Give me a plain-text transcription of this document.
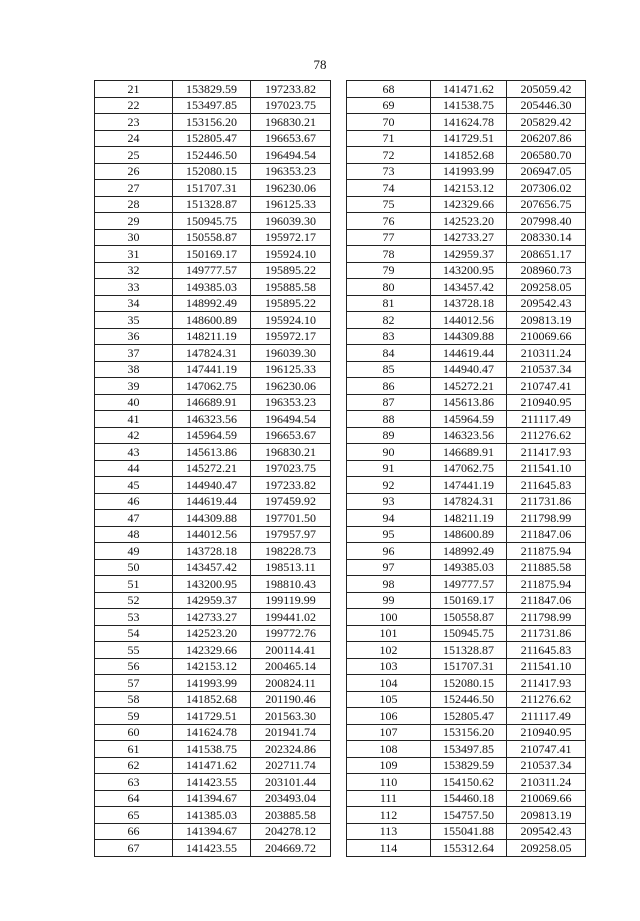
78
21	153829.59	197233.82
22	153497.85	197023.75
23	153156.20	196830.21
24	152805.47	196653.67
25	152446.50	196494.54
26	152080.15	196353.23
27	151707.31	196230.06
28	151328.87	196125.33
29	150945.75	196039.30
30	150558.87	195972.17
31	150169.17	195924.10
32	149777.57	195895.22
33	149385.03	195885.58
34	148992.49	195895.22
35	148600.89	195924.10
36	148211.19	195972.17
37	147824.31	196039.30
38	147441.19	196125.33
39	147062.75	196230.06
40	146689.91	196353.23
41	146323.56	196494.54
42	145964.59	196653.67
43	145613.86	196830.21
44	145272.21	197023.75
45	144940.47	197233.82
46	144619.44	197459.92
47	144309.88	197701.50
48	144012.56	197957.97
49	143728.18	198228.73
50	143457.42	198513.11
51	143200.95	198810.43
52	142959.37	199119.99
53	142733.27	199441.02
54	142523.20	199772.76
55	142329.66	200114.41
56	142153.12	200465.14
57	141993.99	200824.11
58	141852.68	201190.46
59	141729.51	201563.30
60	141624.78	201941.74
61	141538.75	202324.86
62	141471.62	202711.74
63	141423.55	203101.44
64	141394.67	203493.04
65	141385.03	203885.58
66	141394.67	204278.12
67	141423.55	204669.72
68	141471.62	205059.42
69	141538.75	205446.30
70	141624.78	205829.42
71	141729.51	206207.86
72	141852.68	206580.70
73	141993.99	206947.05
74	142153.12	207306.02
75	142329.66	207656.75
76	142523.20	207998.40
77	142733.27	208330.14
78	142959.37	208651.17
79	143200.95	208960.73
80	143457.42	209258.05
81	143728.18	209542.43
82	144012.56	209813.19
83	144309.88	210069.66
84	144619.44	210311.24
85	144940.47	210537.34
86	145272.21	210747.41
87	145613.86	210940.95
88	145964.59	211117.49
89	146323.56	211276.62
90	146689.91	211417.93
91	147062.75	211541.10
92	147441.19	211645.83
93	147824.31	211731.86
94	148211.19	211798.99
95	148600.89	211847.06
96	148992.49	211875.94
97	149385.03	211885.58
98	149777.57	211875.94
99	150169.17	211847.06
100	150558.87	211798.99
101	150945.75	211731.86
102	151328.87	211645.83
103	151707.31	211541.10
104	152080.15	211417.93
105	152446.50	211276.62
106	152805.47	211117.49
107	153156.20	210940.95
108	153497.85	210747.41
109	153829.59	210537.34
110	154150.62	210311.24
111	154460.18	210069.66
112	154757.50	209813.19
113	155041.88	209542.43
114	155312.64	209258.05
